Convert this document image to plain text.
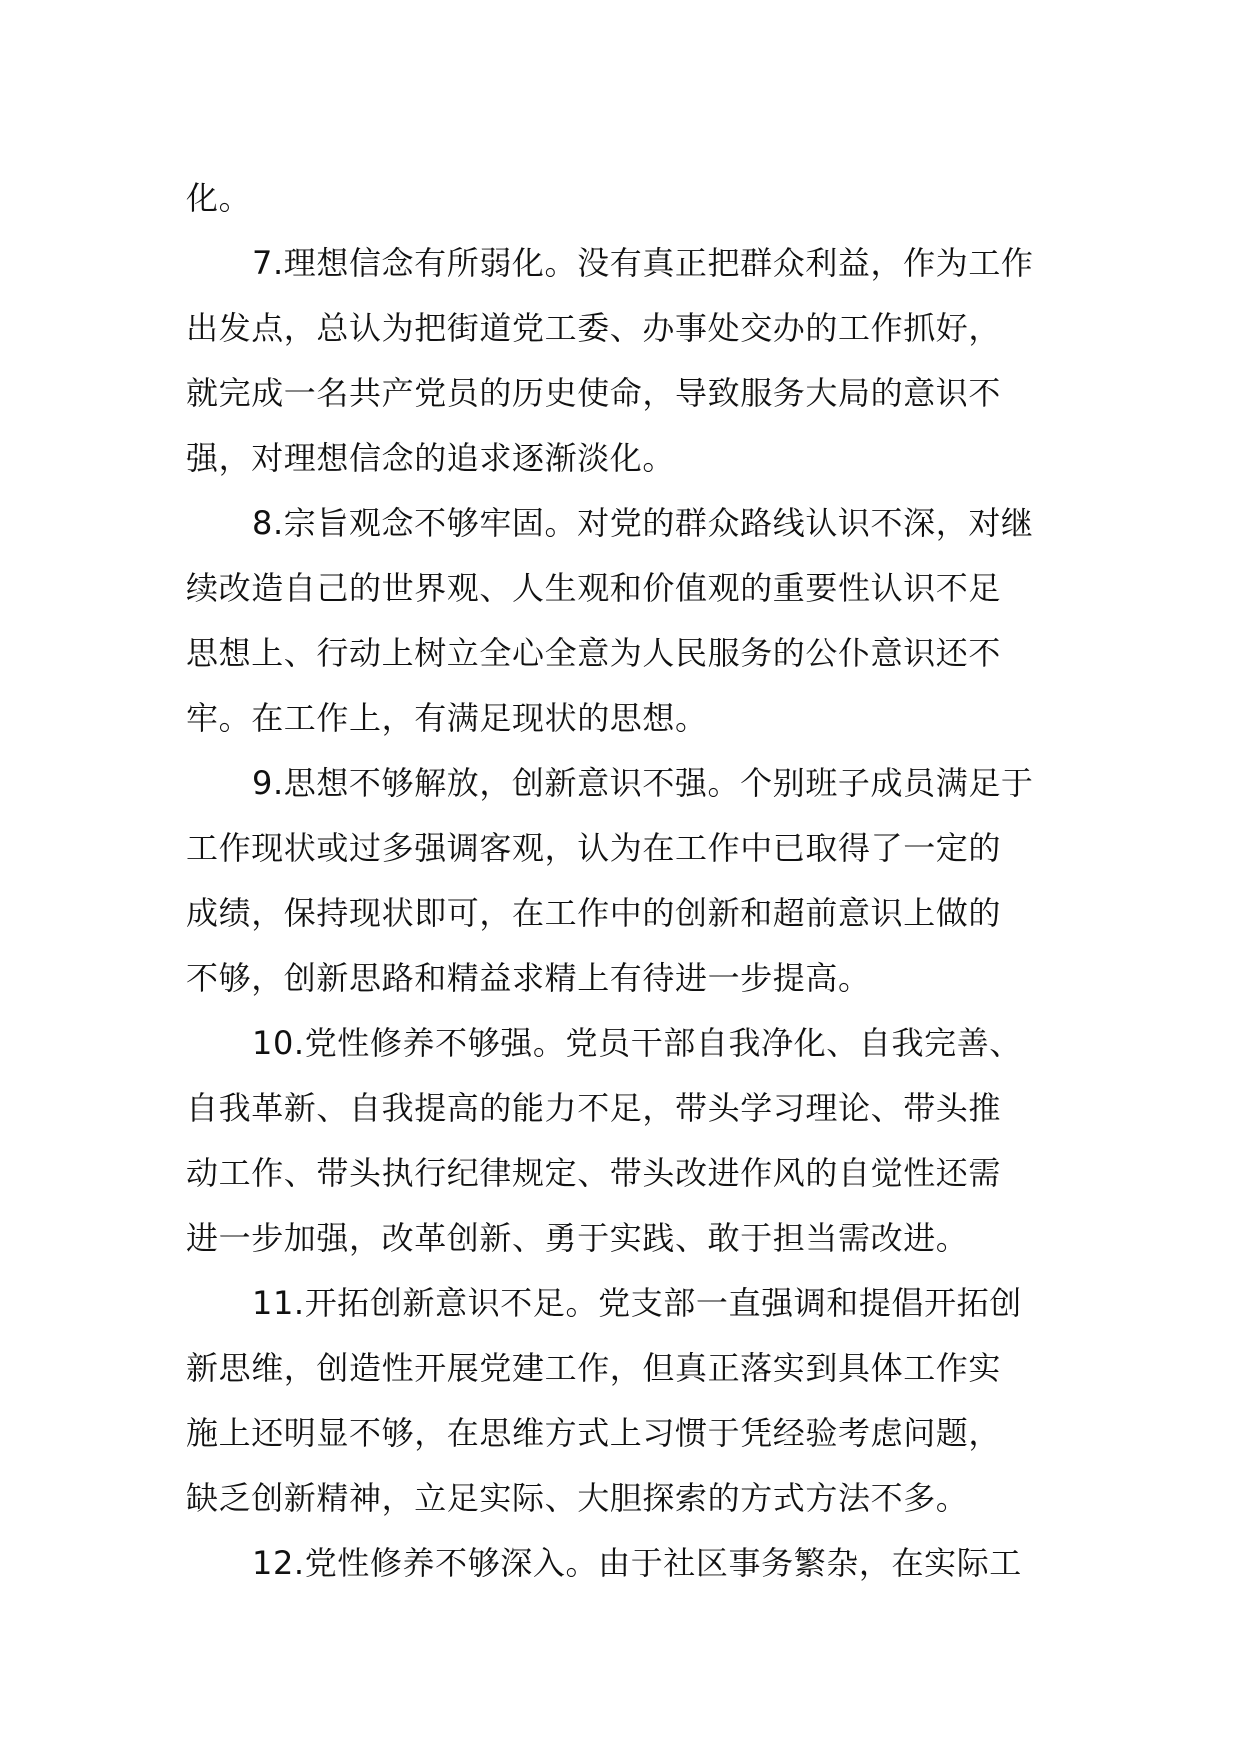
化。
7.理想信念有所弱化。没有真正把群众利益，作为工作
出发点，总认为把街道党工委、办事处交办的工作抓好，
就完成一名共产党员的历史使命，导致服务大局的意识不
强，对理想信念的追求逐渐淡化。
8.宗旨观念不够牢固。对党的群众路线认识不深，对继
续改造自己的世界观、人生观和价值观的重要性认识不足
思想上、行动上树立全心全意为人民服务的公仆意识还不
牢。在工作上，有满足现状的思想。
9.思想不够解放，创新意识不强。个别班子成员满足于
工作现状或过多强调客观，认为在工作中已取得了一定的
成绩，保持现状即可，在工作中的创新和超前意识上做的
不够，创新思路和精益求精上有待进一步提高。
10.党性修养不够强。党员干部自我净化、自我完善、
自我革新、自我提高的能力不足，带头学习理论、带头推
动工作、带头执行纪律规定、带头改进作风的自觉性还需
进一步加强，改革创新、勇于实践、敢于担当需改进。
11.开拓创新意识不足。党支部一直强调和提倡开拓创
新思维，创造性开展党建工作，但真正落实到具体工作实
施上还明显不够，在思维方式上习惯于凭经验考虑问题，
缺乏创新精神，立足实际、大胆探索的方式方法不多。
12.党性修养不够深入。由于社区事务繁杂，在实际工
